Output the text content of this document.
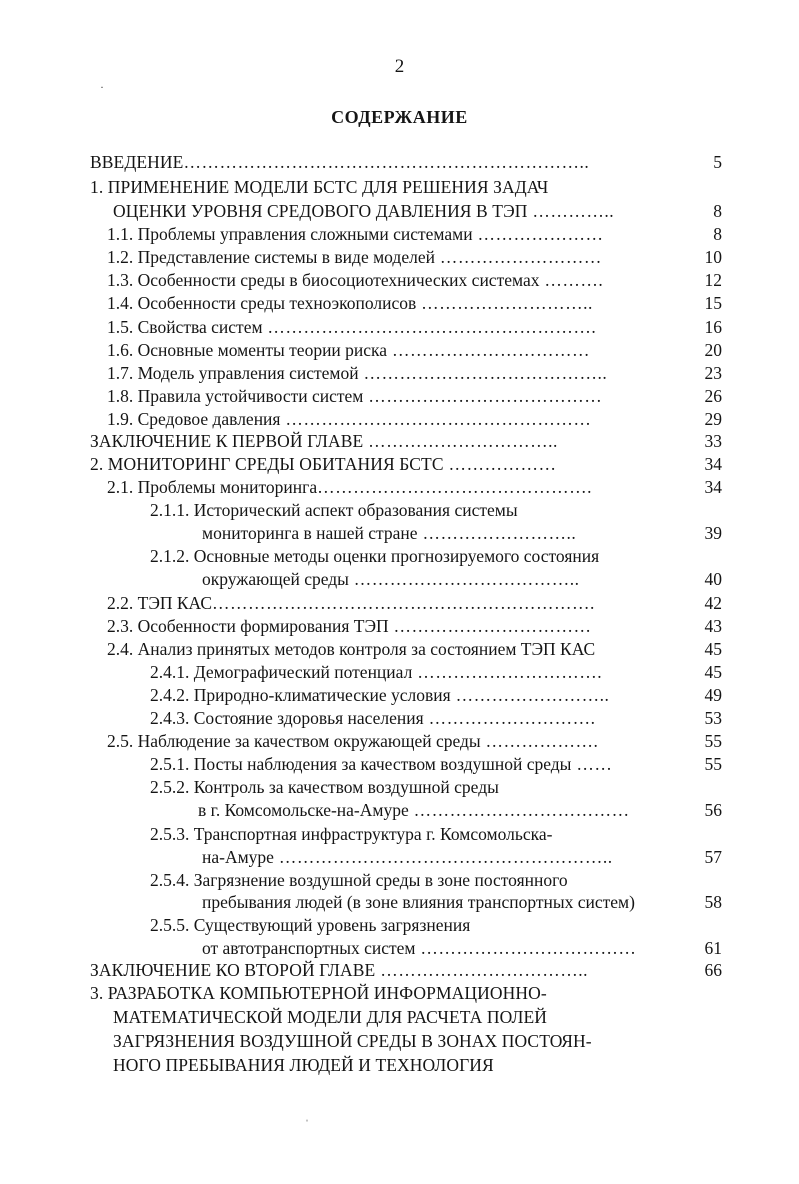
2
СОДЕРЖАНИЕ
ВВЕДЕНИЕ…………………………………………………………..	5
1. ПРИМЕНЕНИЕ МОДЕЛИ БСТС ДЛЯ РЕШЕНИЯ ЗАДАЧ
ОЦЕНКИ УРОВНЯ СРЕДОВОГО ДАВЛЕНИЯ В ТЭП …………..	8
1.1. Проблемы управления сложными системами …………………	8
1.2. Представление системы в виде моделей ………………………	10
1.3. Особенности среды в биосоциотехнических системах ……….	12
1.4. Особенности среды техноэкополисов ………………………..	15
1.5. Свойства систем ……………………………………………….	16
1.6. Основные моменты теории риска ……………………………	20
1.7. Модель управления системой …………………………………..	23
1.8. Правила устойчивости систем …………………………………	26
1.9. Средовое давления ……………………………………………	29
ЗАКЛЮЧЕНИЕ К ПЕРВОЙ ГЛАВЕ …………………………..	33
2. МОНИТОРИНГ СРЕДЫ ОБИТАНИЯ БСТС ………………	34
2.1. Проблемы мониторинга……………………………………….	34
2.1.1. Исторический аспект образования системы
мониторинга в нашей стране ……………………..	39
2.1.2. Основные методы оценки прогнозируемого состояния
окружающей среды ………………………………..	40
2.2. ТЭП КАС……………………………………………………….	42
2.3. Особенности формирования ТЭП ……………………………	43
2.4. Анализ принятых методов контроля за состоянием ТЭП КАС	45
2.4.1. Демографический потенциал ………………………….	45
2.4.2. Природно-климатические условия ……………………..	49
2.4.3. Состояние здоровья населения ……………………….	53
2.5. Наблюдение за качеством окружающей среды ……………….	55
2.5.1. Посты наблюдения за качеством воздушной среды ……	55
2.5.2. Контроль за качеством воздушной среды
в г. Комсомольске-на-Амуре ………………………………	56
2.5.3. Транспортная инфраструктура г. Комсомольска-
на-Амуре ………………………………………………..	57
2.5.4. Загрязнение воздушной среды в зоне постоянного
пребывания людей (в зоне влияния транспортных систем)	58
2.5.5. Существующий уровень загрязнения
от автотранспортных систем ………………………………	61
ЗАКЛЮЧЕНИЕ КО ВТОРОЙ ГЛАВЕ ……………………………..	66
3. РАЗРАБОТКА КОМПЬЮТЕРНОЙ ИНФОРМАЦИОННО-
МАТЕМАТИЧЕСКОЙ МОДЕЛИ ДЛЯ РАСЧЕТА ПОЛЕЙ
ЗАГРЯЗНЕНИЯ ВОЗДУШНОЙ СРЕДЫ В ЗОНАХ ПОСТОЯН-
НОГО ПРЕБЫВАНИЯ ЛЮДЕЙ И ТЕХНОЛОГИЯ
·
ˌ
